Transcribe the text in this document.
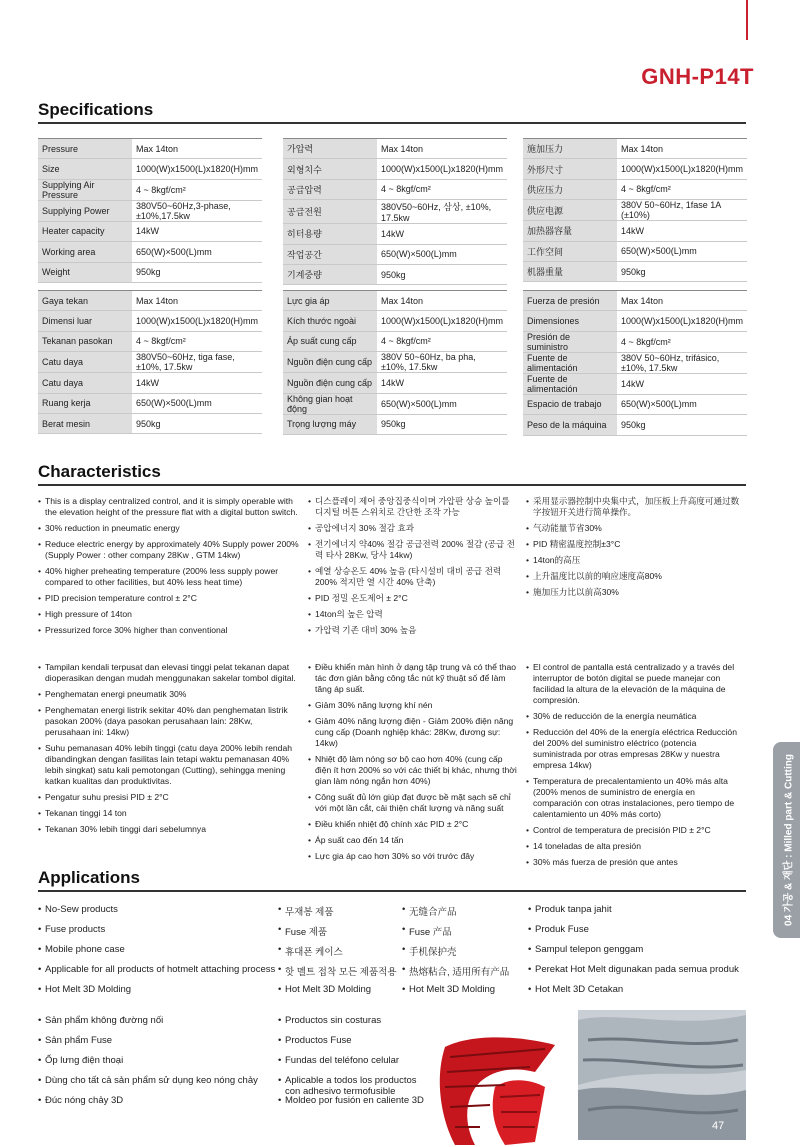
GNH-P14T
Specifications
Pressure	Max 14ton
Size	1000(W)x1500(L)x1820(H)mm
Supplying Air Pressure	4 ~ 8kgf/cm²
Supplying Power	380V50~60Hz,3-phase,±10%,17.5kw
Heater capacity	14kW
Working area	650(W)×500(L)mm
Weight	950kg
가압력	Max 14ton
외형치수	1000(W)x1500(L)x1820(H)mm
공급압력	4 ~ 8kgf/cm²
공급전원	380V50~60Hz, 삼상, ±10%, 17.5kw
히터용량	14kW
작업공간	650(W)×500(L)mm
기계중량	950kg
施加压力	Max 14ton
外形尺寸	1000(W)x1500(L)x1820(H)mm
供应压力	4 ~ 8kgf/cm²
供应电源	380V 50~60Hz, 1fase 1A (±10%)
加热器容量	14kW
工作空间	650(W)×500(L)mm
机器重量	950kg
Gaya tekan	Max 14ton
Dimensi luar	1000(W)x1500(L)x1820(H)mm
Tekanan pasokan	4 ~ 8kgf/cm²
Catu daya	380V50~60Hz, tiga fase, ±10%, 17.5kw
Catu daya	14kW
Ruang kerja	650(W)×500(L)mm
Berat mesin	950kg
Lực gia áp	Max 14ton
Kích thước ngoài	1000(W)x1500(L)x1820(H)mm
Áp suất cung cấp	4 ~ 8kgf/cm²
Nguồn điện cung cấp	380V 50~60Hz, ba pha, ±10%, 17.5kw
Nguồn điện cung cấp	14kW
Không gian hoạt động	650(W)×500(L)mm
Trọng lượng máy	950kg
Fuerza de presión	Max 14ton
Dimensiones	1000(W)x1500(L)x1820(H)mm
Presión de suministro	4 ~ 8kgf/cm²
Fuente de alimentación	380V 50~60Hz, trifásico, ±10%, 17.5kw
Fuente de alimentación	14kW
Espacio de trabajo	650(W)×500(L)mm
Peso de la máquina	950kg
Characteristics
• This is a display centralized control, and it is simply operable with the elevation height of the pressure flat with a digital button switch.
• 30% reduction in pneumatic energy
• Reduce electric energy by approximately 40% Supply power 200% (Supply Power : other company 28Kw , GTM 14kw)
• 40% higher preheating temperature (200% less supply power compared to other facilities, but 40% less heat time)
• PID precision temperature control ± 2°C
• High pressure of 14ton
• Pressurized force 30% higher than conventional
• 디스플레이 제어 중앙집중식이며 가압판 상승 높이를 디지털 버튼 스위치로 간단한 조작 가능
• 공압에너지 30% 절감 효과
• 전기에너지 약40% 절감 공급전력 200% 절감 (공급 전력 타사 28Kw, 당사 14kw)
• 예열 상승온도 40% 높음 (타시설비 대비 공급 전력 200% 적지만 열 시간 40% 단축)
• PID 정밀 온도제어 ± 2°C
• 14ton의 높은 압력
• 가압력 기존 대비 30% 높음
• 采用显示器控制中央集中式，加压板上升高度可通过数字按钮开关进行简单操作。
• 气动能量节省30%
• PID 精密温度控制±3°C
• 14ton的高压
• 上升温度比以前的响应速度高80%
• 施加压力比以前高30%
• Tampilan kendali terpusat dan elevasi tinggi pelat tekanan dapat dioperasikan dengan mudah menggunakan sakelar tombol digital.
• Penghematan energi pneumatik 30%
• Penghematan energi listrik sekitar 40% dan penghematan listrik pasokan 200% (daya pasokan perusahaan lain: 28Kw, perusahaan ini: 14kw)
• Suhu pemanasan 40% lebih tinggi (catu daya 200% lebih rendah dibandingkan dengan fasilitas lain tetapi waktu pemanasan 40% lebih singkat) satu kali pemotongan (Cutting), sehingga mening katkan kualitas dan produktivitas.
• Pengatur suhu presisi PID ± 2°C
• Tekanan tinggi 14 ton
• Tekanan 30% lebih tinggi dari sebelumnya
• Điều khiển màn hình ở dạng tập trung và có thể thao tác đơn giản bằng công tắc nút kỹ thuật số để làm tăng áp suất.
• Giảm 30% năng lượng khí nén
• Giảm 40% năng lượng điện - Giảm 200% điện năng cung cấp (Doanh nghiệp khác: 28Kw, đương sự: 14kw)
• Nhiệt độ làm nóng sơ bộ cao hơn 40% (cung cấp điện ít hơn 200% so với các thiết bị khác, nhưng thời gian làm nóng ngắn hơn 40%)
• Công suất đủ lớn giúp đạt được bề mặt sạch sẽ chỉ với một lần cắt, cải thiện chất lượng và năng suất
• Điều khiển nhiệt độ chính xác PID ± 2°C
• Áp suất cao đến 14 tấn
• Lực gia áp cao hơn 30% so với trước đây
• El control de pantalla está centralizado y a través del interruptor de botón digital se puede manejar con facilidad la altura de la elevación de la máquina de compresión.
• 30% de reducción de la energía neumática
• Reducción del 40% de la energía eléctrica Reducción del 200% del suministro eléctrico (potencia suministrada por otras empresas 28Kw y nuestra empresa 14kw)
• Temperatura de precalentamiento un 40% más alta (200% menos de suministro de energía en comparación con otras instalaciones, pero tiempo de calentamiento un 40% más corto)
• Control de temperatura de precisión PID ± 2°C
• 14 toneladas de alta presión
• 30% más fuerza de presión que antes
Applications
• No-Sew products
• Fuse products
• Mobile phone case
• Applicable for all products of hotmelt attaching process
• Hot Melt 3D Molding
• 무재봉 제품
• Fuse 제품
• 휴대폰 케이스
• 핫 멜트 접착 모든 제품적용
• Hot Melt 3D Molding
• 无缝合产品
• Fuse 产品
• 手机保护壳
• 热熔粘合, 适用所有产品
• Hot Melt 3D Molding
• Produk tanpa jahit
• Produk Fuse
• Sampul telepon genggam
• Perekat Hot Melt digunakan pada semua produk
• Hot Melt 3D Cetakan
• Sản phẩm không đường nối
• Sản phẩm Fuse
• Ốp lưng điện thoại
• Dùng cho tất cả sản phẩm sử dụng keo nóng chảy
• Đúc nóng chảy 3D
• Productos sin costuras
• Productos Fuse
• Fundas del teléfono celular
• Aplicable a todos los productos con adhesivo termofusible
• Moldeo por fusión en caliente 3D
47
04 가공 & 재단 : Milled part & Cutting
